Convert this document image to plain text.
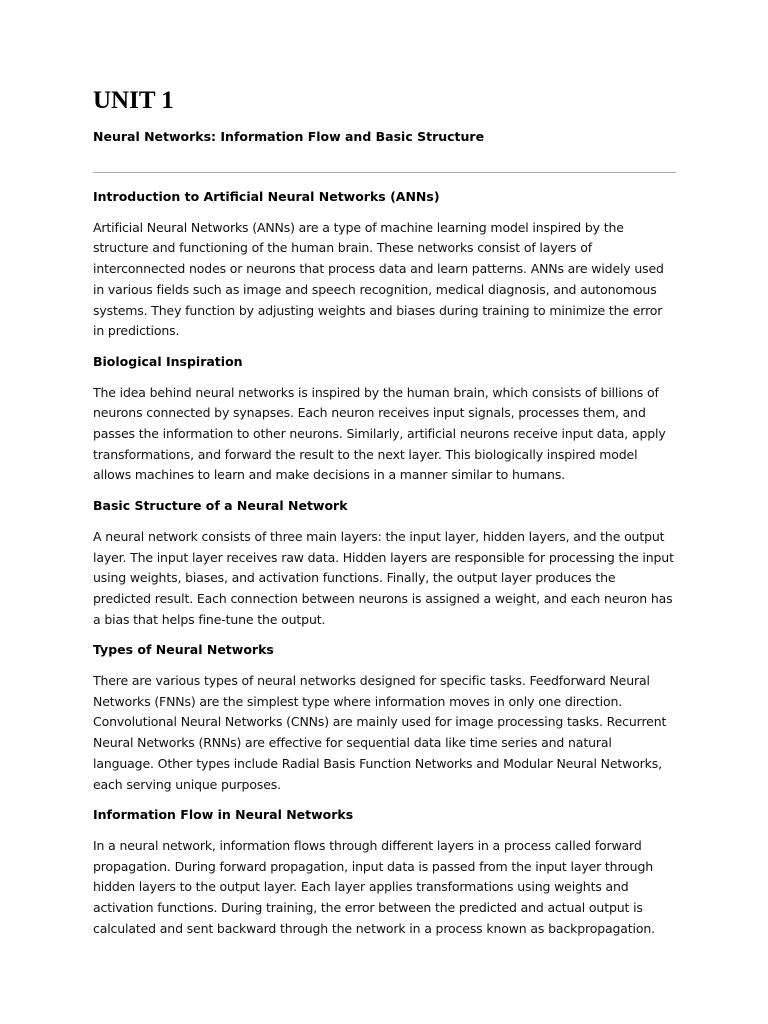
UNIT 1

Neural Networks: Information Flow and Basic Structure

Introduction to Artificial Neural Networks (ANNs)

Artificial Neural Networks (ANNs) are a type of machine learning model inspired by the structure and functioning of the human brain. These networks consist of layers of interconnected nodes or neurons that process data and learn patterns. ANNs are widely used in various fields such as image and speech recognition, medical diagnosis, and autonomous systems. They function by adjusting weights and biases during training to minimize the error in predictions.

Biological Inspiration

The idea behind neural networks is inspired by the human brain, which consists of billions of neurons connected by synapses. Each neuron receives input signals, processes them, and passes the information to other neurons. Similarly, artificial neurons receive input data, apply transformations, and forward the result to the next layer. This biologically inspired model allows machines to learn and make decisions in a manner similar to humans.

Basic Structure of a Neural Network

A neural network consists of three main layers: the input layer, hidden layers, and the output layer. The input layer receives raw data. Hidden layers are responsible for processing the input using weights, biases, and activation functions. Finally, the output layer produces the predicted result. Each connection between neurons is assigned a weight, and each neuron has a bias that helps fine-tune the output.

Types of Neural Networks

There are various types of neural networks designed for specific tasks. Feedforward Neural Networks (FNNs) are the simplest type where information moves in only one direction. Convolutional Neural Networks (CNNs) are mainly used for image processing tasks. Recurrent Neural Networks (RNNs) are effective for sequential data like time series and natural language. Other types include Radial Basis Function Networks and Modular Neural Networks, each serving unique purposes.

Information Flow in Neural Networks

In a neural network, information flows through different layers in a process called forward propagation. During forward propagation, input data is passed from the input layer through hidden layers to the output layer. Each layer applies transformations using weights and activation functions. During training, the error between the predicted and actual output is calculated and sent backward through the network in a process known as backpropagation.
